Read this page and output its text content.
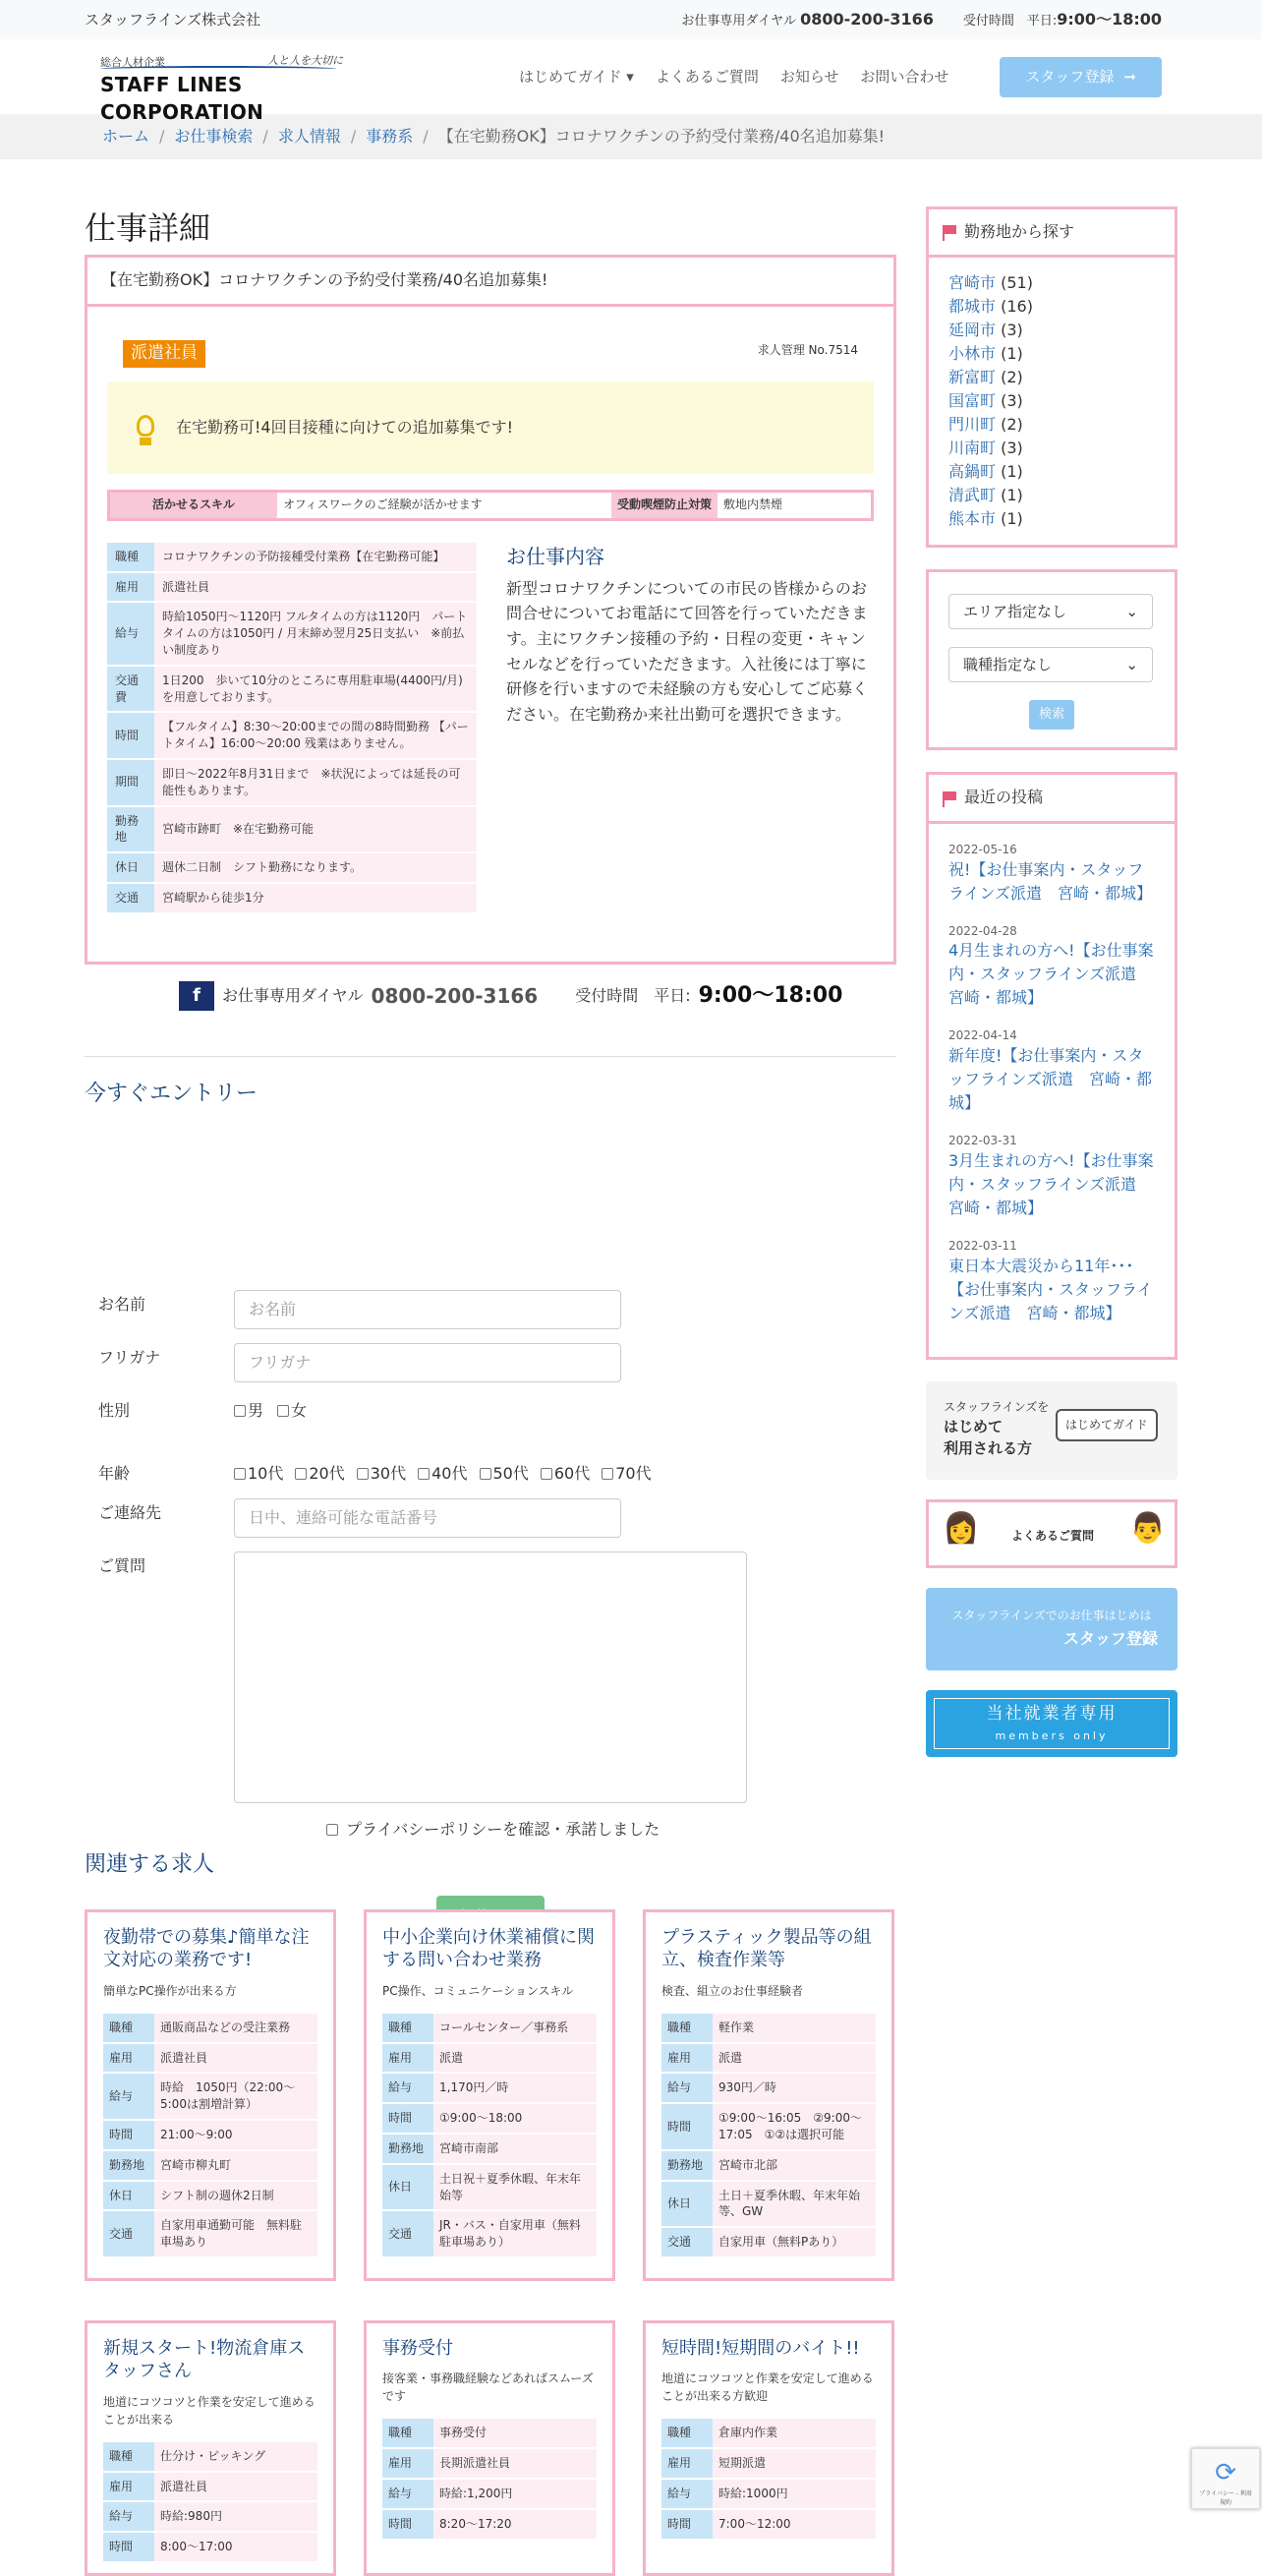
スタッフラインズ株式会社	お仕事専用ダイヤル 0800-200-3166 受付時間　平日:9:00〜18:00
総合人材企業	人と人を大切に
STAFF LINES CORPORATION
はじめてガイド ▾ よくあるご質問 お知らせ お問い合わせ	スタッフ登録 ➞
ホーム / お仕事検索 / 求人情報 / 事務系 / 【在宅勤務OK】コロナワクチンの予約受付業務/40名追加募集!
仕事詳細
【在宅勤務OK】コロナワクチンの予約受付業務/40名追加募集!
派遣社員	求人管理 No.7514
在宅勤務可!4回目接種に向けての追加募集です!
活かせるスキル	オフィスワークのご経験が活かせます	受動喫煙防止対策 敷地内禁煙
職種	コロナワクチンの予防接種受付業務【在宅勤務可能】
雇用	派遣社員
給与	時給1050円〜1120円 フルタイムの方は1120円　パートタイムの方は1050円 / 月末締め翌月25日支払い　※前払い制度あり
交通費	1日200　歩いて10分のところに専用駐車場(4400円/月)を用意しております。
時間	【フルタイム】8:30〜20:00までの間の8時間勤務 【パートタイム】16:00〜20:00 残業はありません。
期間	即日〜2022年8月31日まで　※状況によっては延長の可能性もあります。
勤務地	宮崎市跡町　※在宅勤務可能
休日	週休二日制　シフト勤務になります。
交通	宮崎駅から徒歩1分
お仕事内容

新型コロナワクチンについての市民の皆様からのお問合せについてお電話にて回答を行っていただきます。主にワクチン接種の予約・日程の変更・キャンセルなどを行っていただきます。入社後には丁寧に研修を行いますので未経験の方も安心してご応募ください。在宅勤務か来社出勤可を選択できます。

f	お仕事専用ダイヤル 0800-200-3166 受付時間　平日: 9:00〜18:00
今すぐエントリー
お名前	お名前
フリガナ	フリガナ
性別	男 女
年齢	10代 20代 30代 40代 50代 60代 70代
ご連絡先	日中、連絡可能な電話番号
ご質問
プライバシーポリシーを確認・承諾しました
関連する求人
夜勤帯での募集♪簡単な注文対応の業務です!
簡単なPC操作が出来る方
職種	通販商品などの受注業務
雇用	派遣社員
給与	時給　1050円（22:00〜5:00は割増計算）
時間	21:00〜9:00
勤務地	宮崎市柳丸町
休日	シフト制の週休2日制
交通	自家用車通勤可能　無料駐車場あり
中小企業向け休業補償に関する問い合わせ業務
PC操作、コミュニケーションスキル
職種	コールセンター／事務系
雇用	派遣
給与	1,170円／時
時間	①9:00〜18:00
勤務地	宮崎市南部
休日	土日祝＋夏季休暇、年末年始等
交通	JR・バス・自家用車（無料駐車場あり）
プラスティック製品等の組立、検査作業等
検査、組立のお仕事経験者
職種	軽作業
雇用	派遣
給与	930円／時
時間	①9:00〜16:05　②9:00〜17:05　①②は選択可能
勤務地	宮崎市北部
休日	土日＋夏季休暇、年末年始等、GW
交通	自家用車（無料Pあり）
新規スタート!物流倉庫スタッフさん
地道にコツコツと作業を安定して進めることが出来る
職種	仕分け・ピッキング
雇用	派遣社員
給与	時給:980円
時間	8:00〜17:00
事務受付
接客業・事務職経験などあればスムーズです
職種	事務受付
雇用	長期派遣社員
給与	時給:1,200円
時間	8:20〜17:20
短時間!短期間のバイト!!
地道にコツコツと作業を安定して進めることが出来る方歓迎
職種	倉庫内作業
雇用	短期派遣
給与	時給:1000円
時間	7:00〜12:00
勤務地から探す
宮崎市 (51)
都城市 (16)
延岡市 (3)
小林市 (1)
新富町 (2)
国富町 (3)
門川町 (2)
川南町 (3)
高鍋町 (1)
清武町 (1)
熊本市 (1)
エリア指定なし	⌄
職種指定なし	⌄
検索
最近の投稿
2022-05-16
祝!【お仕事案内・スタッフラインズ派遣　宮崎・都城】
2022-04-28
4月生まれの方へ!【お仕事案内・スタッフラインズ派遣　宮崎・都城】
2022-04-14
新年度!【お仕事案内・スタッフラインズ派遣　宮崎・都城】
2022-03-31
3月生まれの方へ!【お仕事案内・スタッフラインズ派遣　宮崎・都城】
2022-03-11
東日本大震災から11年･･･【お仕事案内・スタッフラインズ派遣　宮崎・都城】
スタッフラインズを
はじめて
利用される方
はじめてガイド
👩	よくあるご質問 👨
スタッフラインズでのお仕事はじめは
スタッフ登録
当社就業者専用
members only
⟳
プライバシー - 利用規約
